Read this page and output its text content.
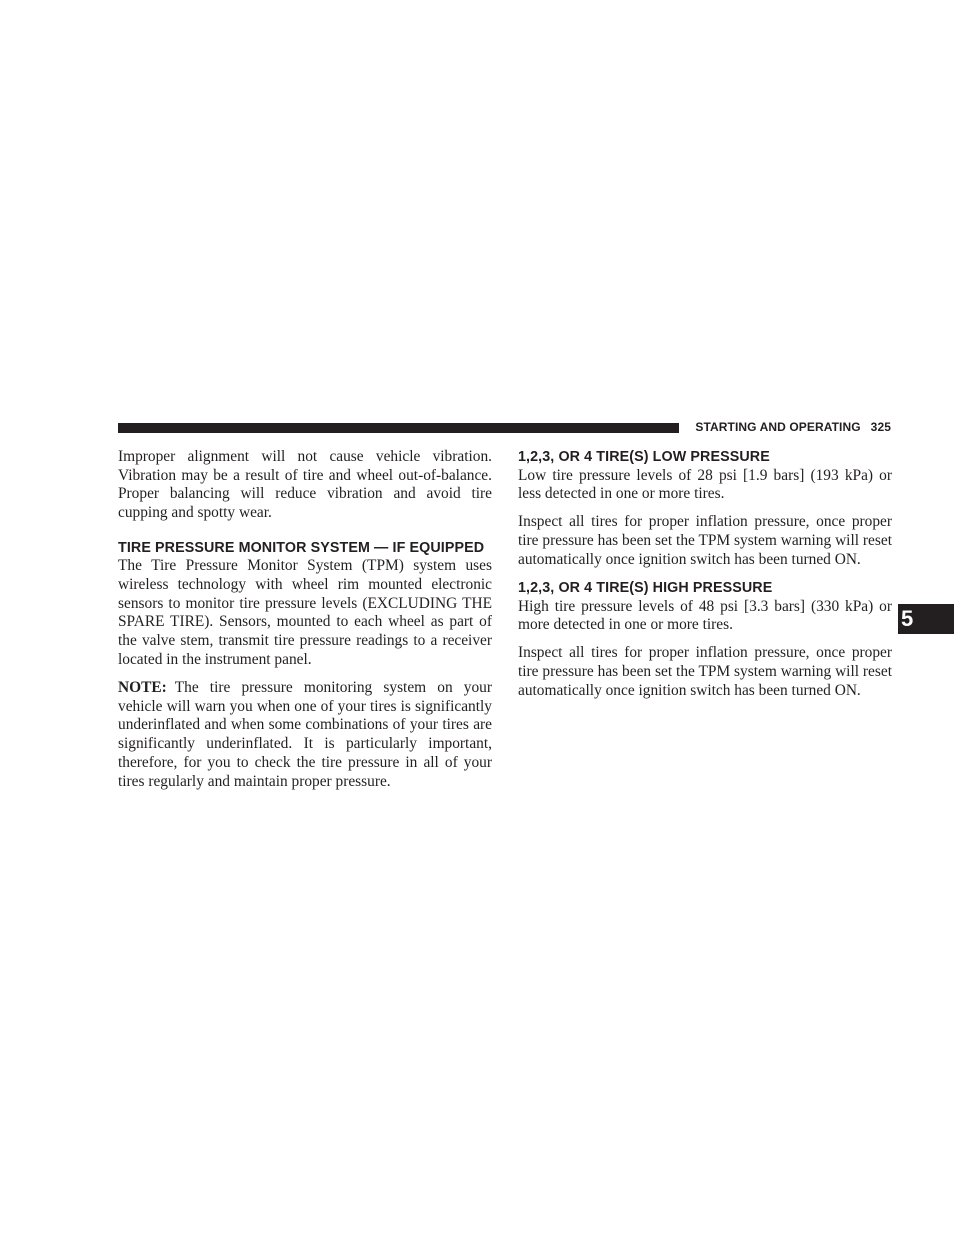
STARTING AND OPERATING 325

Improper alignment will not cause vehicle vibration. Vibration may be a result of tire and wheel out-of-balance. Proper balancing will reduce vibration and avoid tire cupping and spotty wear.

TIRE PRESSURE MONITOR SYSTEM — IF EQUIPPED

The Tire Pressure Monitor System (TPM) system uses wireless technology with wheel rim mounted electronic sensors to monitor tire pressure levels (EXCLUDING THE SPARE TIRE). Sensors, mounted to each wheel as part of the valve stem, transmit tire pressure readings to a receiver located in the instrument panel.

NOTE: The tire pressure monitoring system on your vehicle will warn you when one of your tires is significantly underinflated and when some combinations of your tires are significantly underinflated. It is particularly important, therefore, for you to check the tire pressure in all of your tires regularly and maintain proper pressure.

1,2,3, OR 4 TIRE(S) LOW PRESSURE

Low tire pressure levels of 28 psi [1.9 bars] (193 kPa) or less detected in one or more tires.

Inspect all tires for proper inflation pressure, once proper tire pressure has been set the TPM system warning will reset automatically once ignition switch has been turned ON.

1,2,3, OR 4 TIRE(S) HIGH PRESSURE

High tire pressure levels of 48 psi [3.3 bars] (330 kPa) or more detected in one or more tires.

Inspect all tires for proper inflation pressure, once proper tire pressure has been set the TPM system warning will reset automatically once ignition switch has been turned ON.

5
